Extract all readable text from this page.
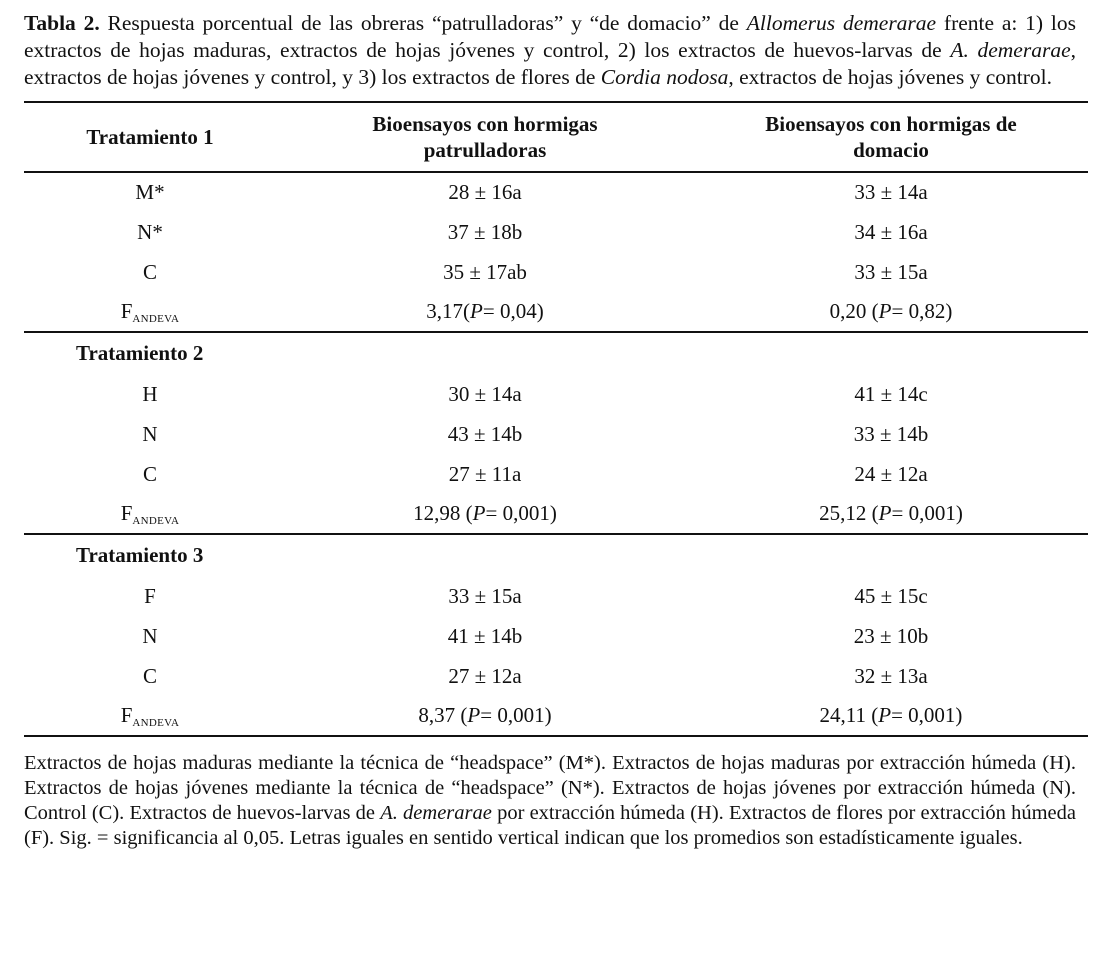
Tabla 2. Respuesta porcentual de las obreras “patrulladoras” y “de domacio” de Allomerus demerarae frente a: 1) los extractos de hojas maduras, extractos de hojas jóvenes y control, 2) los extractos de huevos-larvas de A. demerarae, extractos de hojas jóvenes y control, y 3) los extractos de flores de Cordia nodosa, extractos de hojas jóvenes y control.

Tratamiento 1	Bioensayos con hormigas patrulladoras	Bioensayos con hormigas de domacio

M*	28 ± 16a	33 ± 14a
N*	37 ± 18b	34 ± 16a
C	35 ± 17ab	33 ± 15a
$F_{ANDEVA}$	3,17(P= 0,04)	0,20 (P= 0,82)
Tratamiento 2		
H	30 ± 14a	41 ± 14c
N	43 ± 14b	33 ± 14b
C	27 ± 11a	24 ± 12a
$F_{ANDEVA}$	12,98 (P= 0,001)	25,12 (P= 0,001)
Tratamiento 3		
F	33 ± 15a	45 ± 15c
N	41 ± 14b	23 ± 10b
C	27 ± 12a	32 ± 13a
$F_{ANDEVA}$	8,37 (P= 0,001)	24,11 (P= 0,001)

Extractos de hojas maduras mediante la técnica de “headspace” (M*). Extractos de hojas maduras por extracción húmeda (H). Extractos de hojas jóvenes mediante la técnica de “headspace” (N*). Extractos de hojas jóvenes por extracción húmeda (N). Control (C). Extractos de huevos-larvas de A. demerarae por extracción húmeda (H). Extractos de flores por extracción húmeda (F). Sig. = significancia al 0,05. Letras iguales en sentido vertical indican que los promedios son estadísticamente iguales.
